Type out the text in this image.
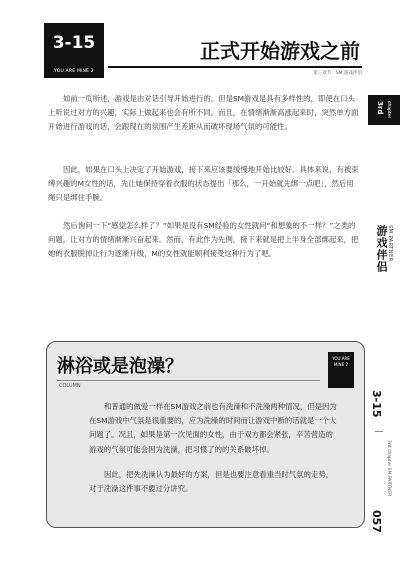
3-15
YOU ARE MINE 2
正式开始游戏之前
第三章节：SM 游戏伴侣

如前一页所述，游戏是由对话引导开始进行的。但是SM游戏是具有多样性的，即使在口头上听说过对方的兴趣，实际上做起来也会有所不同。而且，在情绪渐渐高涨起来时，突然单方面开始进行游戏的话，会跟现在的氛围产生差距从而破坏现场气氛的可能性。

因此，如果在口头上决定了开始游戏，接下来应该要缓慢地开始比较好。具体来说，有被束缚兴趣的M女性的话，先让她保持穿着衣服的状态提出「那么，一开始就先绑一点吧」，然后用绳只是绑住手腕。

然后询问一下“感觉怎么样了？”如果是没有SM经验的女性就问“和想象的不一样？”之类的问题，让对方的情绪渐渐兴奋起来。然而，有此作为先例，接下来就是把上半身全部绑起来，把她的衣服脱掉让行为逐渐升级，M的女性就能顺利接受这种行为了吧。

3rd chapter
游戏伴侣 SM PARTNER
淋浴或是泡澡？	YOU ARE MINE 2
COLUMN

和普通的做爱一样在SM游戏之前也有洗澡和不洗澡两种情况，但是因为在SM游戏中气氛是很重要的，应为洗澡的时间而让游戏中断的话就是一个大问题了。况且，如果是第一次见面的女性，由于双方都会紧张，辛苦营造的游戏的气氛可能会因为洗澡，把习惯了的的关系破坏掉。

因此，把先洗澡认为最好的方案，但是也要注意看重当时气氛的走势，对于洗澡这件事不要过分讲究。

3-15
|
3rd chapter SM PARTNER
057
